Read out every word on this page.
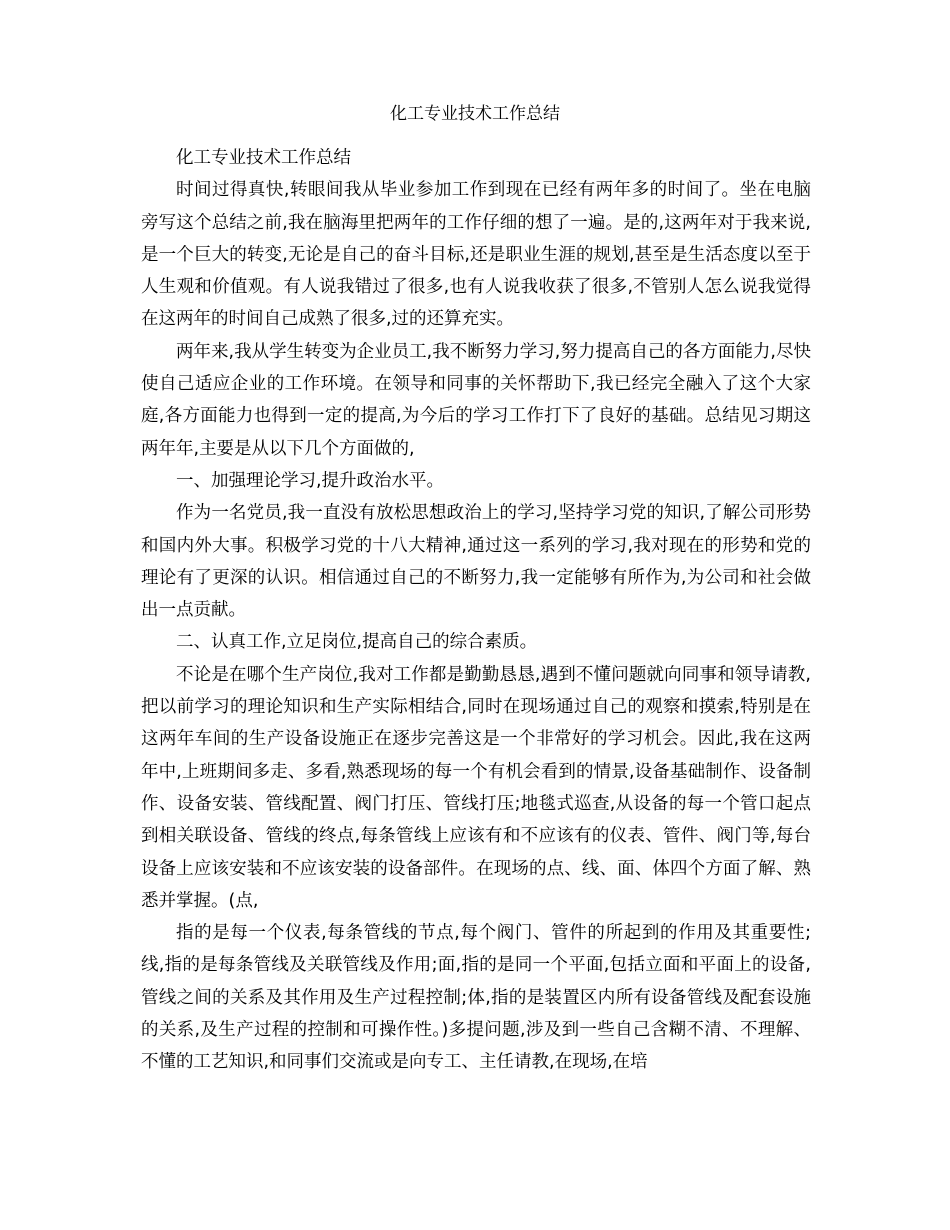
化工专业技术工作总结

化工专业技术工作总结

时间过得真快,转眼间我从毕业参加工作到现在已经有两年多的时间了。坐在电脑旁写这个总结之前,我在脑海里把两年的工作仔细的想了一遍。是的,这两年对于我来说,是一个巨大的转变,无论是自己的奋斗目标,还是职业生涯的规划,甚至是生活态度以至于人生观和价值观。有人说我错过了很多,也有人说我收获了很多,不管别人怎么说我觉得在这两年的时间自己成熟了很多,过的还算充实。

两年来,我从学生转变为企业员工,我不断努力学习,努力提高自己的各方面能力,尽快使自己适应企业的工作环境。在领导和同事的关怀帮助下,我已经完全融入了这个大家庭,各方面能力也得到一定的提高,为今后的学习工作打下了良好的基础。总结见习期这两年年,主要是从以下几个方面做的,

一、加强理论学习,提升政治水平。

作为一名党员,我一直没有放松思想政治上的学习,坚持学习党的知识,了解公司形势和国内外大事。积极学习党的十八大精神,通过这一系列的学习,我对现在的形势和党的理论有了更深的认识。相信通过自己的不断努力,我一定能够有所作为,为公司和社会做出一点贡献。

二、认真工作,立足岗位,提高自己的综合素质。

不论是在哪个生产岗位,我对工作都是勤勤恳恳,遇到不懂问题就向同事和领导请教,把以前学习的理论知识和生产实际相结合,同时在现场通过自己的观察和摸索,特别是在这两年车间的生产设备设施正在逐步完善这是一个非常好的学习机会。因此,我在这两年中,上班期间多走、多看,熟悉现场的每一个有机会看到的情景,设备基础制作、设备制作、设备安装、管线配置、阀门打压、管线打压;地毯式巡查,从设备的每一个管口起点到相关联设备、管线的终点,每条管线上应该有和不应该有的仪表、管件、阀门等,每台设备上应该安装和不应该安装的设备部件。在现场的点、线、面、体四个方面了解、熟悉并掌握。(点,

指的是每一个仪表,每条管线的节点,每个阀门、管件的所起到的作用及其重要性;线,指的是每条管线及关联管线及作用;面,指的是同一个平面,包括立面和平面上的设备,管线之间的关系及其作用及生产过程控制;体,指的是装置区内所有设备管线及配套设施的关系,及生产过程的控制和可操作性。)多提问题,涉及到一些自己含糊不清、不理解、不懂的工艺知识,和同事们交流或是向专工、主任请教,在现场,在培
